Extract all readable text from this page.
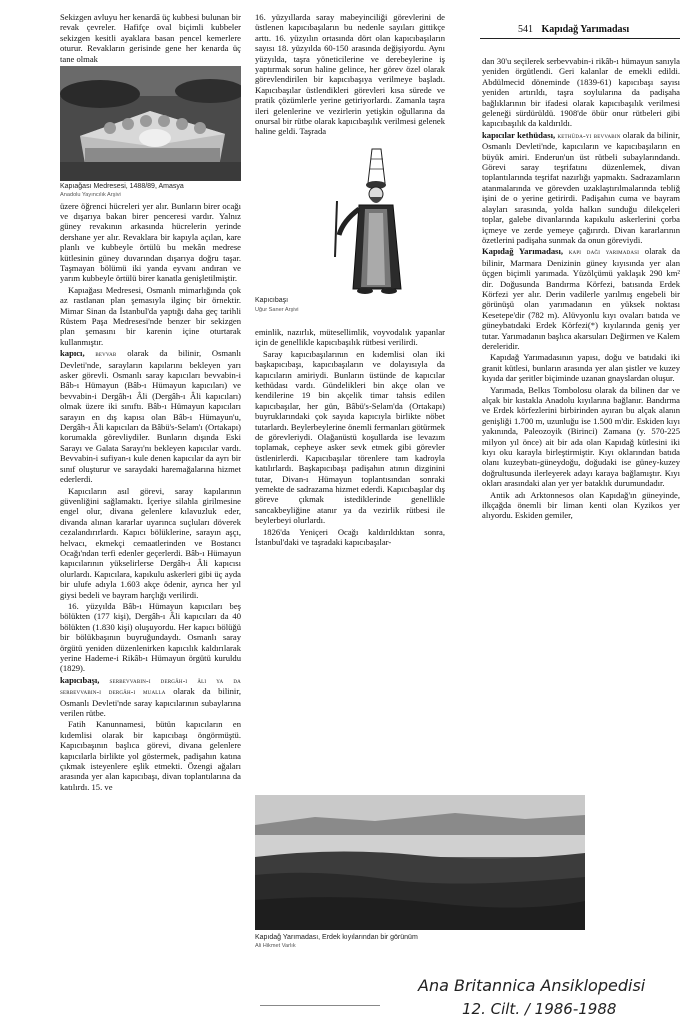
541 Kapıdağ Yarımadası

Sekizgen avluyu her kenardā üç kubbesi bulunan bir revak çevreler. Hafifçe oval biçimli kubbeler sekizgen kesitli ayaklara basan pencel kemerlere oturur. Revakların gerisinde gene her kenarda üç tane olmak

Kapıağası Medresesi, 1488/89, Amasya
Anadolu Yayıncılık Arşivi

üzere öğrenci hücreleri yer alır. Bunların birer ocağı ve dışarıya bakan birer penceresi vardır. Yalnız güney revakının arkasında hücrelerin yerinde dershane yer alır. Revaklara bir kapıyla açılan, kare planlı ve kubbeyle örtülü bu mekân medrese kütlesinin güney duvarından dışarıya doğru taşar. Taşmayan bölümü iki yanda eyvanı andıran ve yarım kubbeyle örtülü birer kanatla genişletilmiştir.

Kapıağası Medresesi, Osmanlı mimarlığında çok az rastlanan plan şemasıyla ilginç bir örnektir. Mimar Sinan da İstanbul'da yaptığı daha geç tarihli Rüstem Paşa Medresesi'nde benzer bir sekizgen plan şemasını bir karenin içine oturtarak kullanmıştır.

kapıcı, bevvab olarak da bilinir, Osmanlı Devleti'nde, sarayların kapılarını bekleyen yarı asker görevli. Osmanlı saray kapıcıları bevvabin-i Bâb-ı Hümayun (Bâb-ı Hümayun kapıcıları) ve bevvabin-i Dergâh-ı Âli (Dergâh-ı Âli kapıcıları) olmak üzere iki sınıftı. Bâb-ı Hümayun kapıcıları sarayın en dış kapısı olan Bâb-ı Hümayun'u, Dergâh-ı Âli kapıcıları da Bâbü's-Selam'ı (Ortakapı) korumakla görevliydiler. Bunların dışında Eski Sarayı ve Galata Sarayı'nı bekleyen kapıcılar vardı. Bevvabin-i sufiyan-ı kule denen kapıcılar da ayrı bir sınıf oluşturur ve saraydaki haremağalarına hizmet ederlerdi.

Kapıcıların asıl görevi, saray kapılarının güvenliğini sağlamaktı. İçeriye silahla girilmesine engel olur, divana gelenlere kılavuzluk eder, divanda alınan kararlar uyarınca suçluları döverek cezalandırırlardı. Kapıcı bölüklerine, sarayın aşçı, helvacı, ekmekçi cemaatlerinden ve Bostancı Ocağı'ndan terfi edenler geçerlerdi. Bâb-ı Hümayun kapıcılarının yükselirlerse Dergâh-ı Âli kapıcısı olurlardı. Kapıcılara, kapıkulu askerleri gibi üç ayda bir ulufe adıyla 1.603 akçe ödenir, ayrıca her yıl giysi bedeli ve bayram harçlığı verilirdi.

16. yüzyılda Bâb-ı Hümayun kapıcıları beş bölükten (177 kişi), Dergâh-ı Âli kapıcıları da 40 bölükten (1.830 kişi) oluşuyordu. Her kapıcı bölüğü bir bölükbaşının buyruğundaydı. Osmanlı saray örgütü yeniden düzenlenirken kapıcılık kaldırılarak yerine Hademe-i Rikâb-ı Hümayun örgütü kuruldu (1829).

kapıcıbaşı, serbevvabin-i dergâh-ı âli ya da serbevvabin-i dergâh-ı mualla olarak da bilinir, Osmanlı Devleti'nde saray kapıcılarının subaylarına verilen rütbe.

Fatih Kanunnamesi, bütün kapıcıların en kıdemlisi olarak bir kapıcıbaşı öngörmüştü. Kapıcıbaşının başlıca görevi, divana gelenlere kapıcılarla birlikte yol göstermek, padişahın katına çıkmak isteyenlere eşlik etmekti. Özengi ağaları arasında yer alan kapıcıbaşı, divan toplantılarına da katılırdı. 15. ve

16. yüzyıllarda saray mabeyinciliği görevlerini de üstlenen kapıcıbaşıların bu nedenle sayıları gittikçe arttı. 16. yüzyılın ortasında dört olan kapıcıbaşıların sayısı 18. yüzyılda 60-150 arasında değişiyordu. Aynı yüzyılda, taşra yöneticilerine ve derebeylerine iş yaptırmak sorun haline gelince, her görev özel olarak görevlendirilen bir kapıcıbaşıya verilmeye başladı. Kapıcıbaşılar üstlendikleri görevleri kısa sürede ve pratik çözümlerle yerine getiriyorlardı. Zamanla taşra ileri gelenlerine ve vezirlerin yetişkin oğullarına da onursal bir rütbe olarak kapıcıbaşılık verilmesi gelenek haline geldi. Taşrada

Kapıcıbaşı
Uğur Saner Arşivi

eminlik, nazırlık, mütesellimlik, voyvodalık yapanlar için de genellikle kapıcıbaşılık rütbesi verilirdi.

Saray kapıcıbaşılarının en kıdemlisi olan iki başkapıcıbaşı, kapıcıbaşıların ve dolayısıyla da kapıcıların amiriydi. Bunların üstünde de kapıcılar kethüdası vardı. Gündelikleri bin akçe olan ve kendilerine 19 bin akçelik timar tahsis edilen kapıcıbaşılar, her gün, Bâbü's-Selam'da (Ortakapı) buyruklarındaki çok sayıda kapıcıyla birlikte nöbet tutarlardı. Beylerbeylerine önemli fermanları götürmek de görevleriydi. Olağanüstü koşullarda ise levazım toplamak, cepheye asker sevk etmek gibi görevler üstlenirlerdi. Kapıcıbaşılar törenlere tam kadroyla katılırlardı. Başkapıcıbaşı padişahın atının dizginini tutar, Divan-ı Hümayun toplantısından sonraki yemekte de sadrazama hizmet ederdi. Kapıcıbaşılar dış göreve çıkmak istediklerinde genellikle sancakbeyliğine atanır ya da vezirlik rütbesi ile beylerbeyi olurlardı.

1826'da Yeniçeri Ocağı kaldırıldıktan sonra, İstanbul'daki ve taşradaki kapıcıbaşılar-

Kapıdağ Yarımadası, Erdek kıyılarından bir görünüm
Ali Hikmet Varlık

dan 30'u seçilerek serbevvabin-i rikâb-ı hümayun sanıyla yeniden örgütlendi. Geri kalanlar de emekli edildi. Abdülmecid döneminde (1839-61) kapıcıbaşı sayısı yeniden artırıldı, taşra soylularına da padişaha bağlıklarının bir ifadesi olarak kapıcıbaşılık verilmesi geleneği sürdürüldü. 1908'de öbür onur rütbeleri gibi kapıcıbaşılık da kaldırıldı.

kapıcılar kethüdası, kethüda-yı bevvabin olarak da bilinir, Osmanlı Devleti'nde, kapıcıların ve kapıcıbaşıların en büyük amiri. Enderun'un üst rütbeli subaylarındandı. Görevi saray teşrifatını düzenlemek, divan toplantılarında teşrifat nazırlığı yapmaktı. Sadrazamların atanmalarında ve görevden uzaklaştırılmalarında tebliğ işini de o yerine getirirdi. Padişahın cuma ve bayram alayları sırasında, yolda halkın sunduğu dilekçeleri toplar, galebe divanlarında kapıkulu askerlerini çorba içmeye ve zerde yemeye çağırırdı. Divan kararlarının özetlerini padişaha sunmak da onun göreviydi.

Kapıdağ Yarımadası, kapı daği yarımadası olarak da bilinir, Marmara Denizinin güney kıyısında yer alan üçgen biçimli yarımada. Yüzölçümü yaklaşık 290 km² dir. Doğusunda Bandırma Körfezi, batısında Erdek Körfezi yer alır. Derin vadilerle yarılmış engebeli bir görünüşü olan yarımadanın en yüksek noktası Kesetepe'dir (782 m). Alüvyonlu kıyı ovaları batıda ve güneybatıdaki Erdek Körfezi(*) kıyılarında geniş yer tutar. Yarımadanın başlıca akarsuları Değirmen ve Kalem dereleridir.

Kapıdağ Yarımadasının yapısı, doğu ve batıdaki iki granit kütlesi, bunların arasında yer alan şistler ve kuzey kıyıda dar şeritler biçiminde uzanan gnayslardan oluşur.

Yarımada, Belkıs Tombolosu olarak da bilinen dar ve alçak bir kıstakla Anadolu kıyılarına bağlanır. Bandırma ve Erdek körfezlerini birbirinden ayıran bu alçak alanın genişliği 1.700 m, uzunluğu ise 1.500 m'dir. Eskiden kıyı yakınında, Paleozoyik (Birinci) Zamana (y. 570-225 milyon yıl önce) ait bir ada olan Kapıdağ kütlesini iki kıyı oku karayla birleştirmiştir. Kıyı oklarından batıda olanı kuzeybatı-güneydoğu, doğudaki ise güney-kuzey doğrultusunda ilerleyerek adayı karaya bağlamıştır. Kıyı okları arasındaki alan yer yer bataklık durumundadır.

Antik adı Arktonnesos olan Kapıdağ'ın güneyinde, ilkçağda önemli bir liman kenti olan Kyzikos yer alıyordu. Eskiden gemiler,

Ana Britannica Ansiklopedisi
12. Cilt. / 1986-1988
